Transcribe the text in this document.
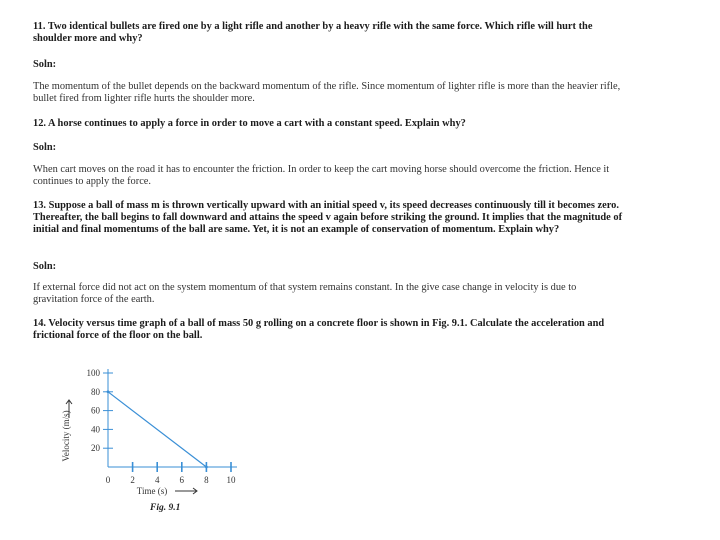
11. Two identical bullets are fired one by a light rifle and another by a heavy rifle with the same force. Which rifle will hurt the shoulder more and why?
Soln:
The momentum of the bullet depends on the backward momentum of the rifle. Since momentum of lighter rifle is more than the heavier rifle, bullet fired from lighter rifle hurts the shoulder more.
12. A horse continues to apply a force in order to move a cart with a constant speed. Explain why?
Soln:
When cart moves on the road it has to encounter the friction. In order to keep the cart moving horse should overcome the friction. Hence it continues to apply the force.
13. Suppose a ball of mass m is thrown vertically upward with an initial speed v, its speed decreases continuously till it becomes zero. Thereafter, the ball begins to fall downward and attains the speed v again before striking the ground. It implies that the magnitude of initial and final momentums of the ball are same. Yet, it is not an example of conservation of momentum. Explain why?
Soln:
If external force did not act on the system momentum of that system remains constant. In the give case change in velocity is due to gravitation force of the earth.
14. Velocity versus time graph of a ball of mass 50 g rolling on a concrete floor is shown in Fig. 9.1. Calculate the acceleration and frictional force of the floor on the ball.
20
40
60
80
100
0 2 4 6 8 10
Velocity (m/s)
Time (s)
Fig. 9.1
